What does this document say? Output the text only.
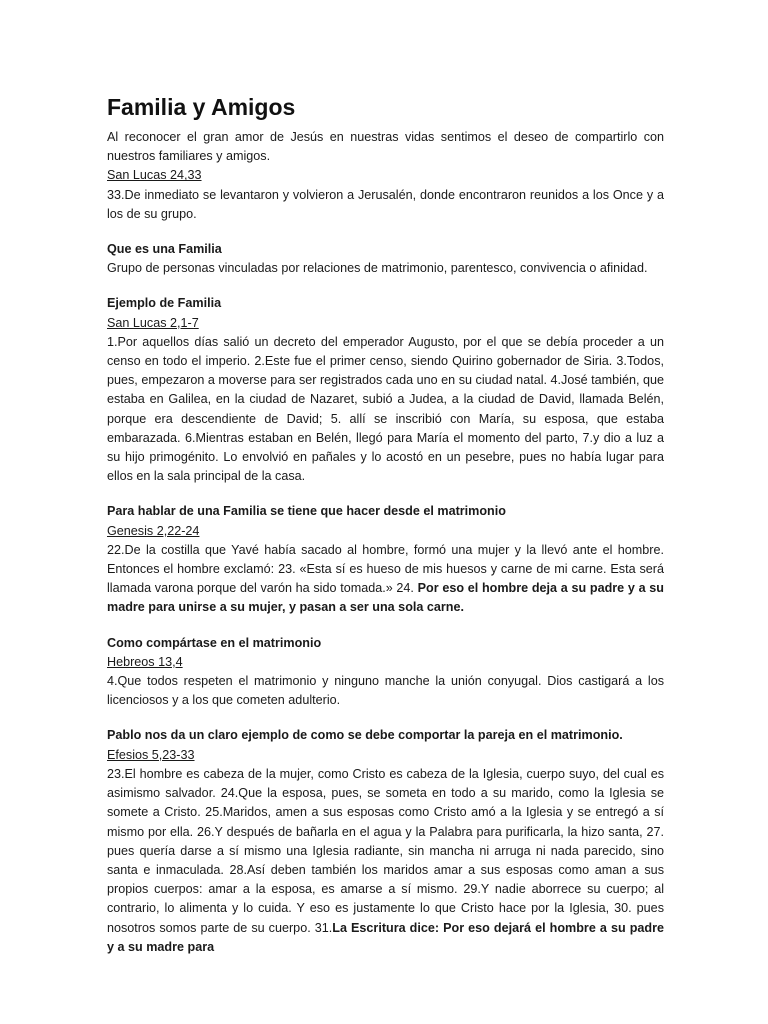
Familia y Amigos

Al reconocer el gran amor de Jesús en nuestras vidas sentimos el deseo de compartirlo con nuestros familiares y amigos.

San Lucas 24,33

33.De inmediato se levantaron y volvieron a Jerusalén, donde encontraron reunidos a los Once y a los de su grupo.

Que es una Familia

Grupo de personas vinculadas por relaciones de matrimonio, parentesco, convivencia o afinidad.

Ejemplo de Familia

San Lucas 2,1-7

1.Por aquellos días salió un decreto del emperador Augusto, por el que se debía proceder a un censo en todo el imperio. 2.Este fue el primer censo, siendo Quirino gobernador de Siria. 3.Todos, pues, empezaron a moverse para ser registrados cada uno en su ciudad natal. 4.José también, que estaba en Galilea, en la ciudad de Nazaret, subió a Judea, a la ciudad de David, llamada Belén, porque era descendiente de David; 5. allí se inscribió con María, su esposa, que estaba embarazada. 6.Mientras estaban en Belén, llegó para María el momento del parto, 7.y dio a luz a su hijo primogénito. Lo envolvió en pañales y lo acostó en un pesebre, pues no había lugar para ellos en la sala principal de la casa.

Para hablar de una Familia se tiene que hacer desde el matrimonio

Genesis 2,22-24

22.De la costilla que Yavé había sacado al hombre, formó una mujer y la llevó ante el hombre. Entonces el hombre exclamó: 23. «Esta sí es hueso de mis huesos y carne de mi carne. Esta será llamada varona porque del varón ha sido tomada.» 24. Por eso el hombre deja a su padre y a su madre para unirse a su mujer, y pasan a ser una sola carne.

Como compártase en el matrimonio

Hebreos 13,4

4.Que todos respeten el matrimonio y ninguno manche la unión conyugal. Dios castigará a los licenciosos y a los que cometen adulterio.

Pablo nos da un claro ejemplo de como se debe comportar la pareja en el matrimonio.

Efesios 5,23-33

23.El hombre es cabeza de la mujer, como Cristo es cabeza de la Iglesia, cuerpo suyo, del cual es asimismo salvador. 24.Que la esposa, pues, se someta en todo a su marido, como la Iglesia se somete a Cristo. 25.Maridos, amen a sus esposas como Cristo amó a la Iglesia y se entregó a sí mismo por ella. 26.Y después de bañarla en el agua y la Palabra para purificarla, la hizo santa, 27. pues quería darse a sí mismo una Iglesia radiante, sin mancha ni arruga ni nada parecido, sino santa e inmaculada. 28.Así deben también los maridos amar a sus esposas como aman a sus propios cuerpos: amar a la esposa, es amarse a sí mismo. 29.Y nadie aborrece su cuerpo; al contrario, lo alimenta y lo cuida. Y eso es justamente lo que Cristo hace por la Iglesia, 30. pues nosotros somos parte de su cuerpo. 31.La Escritura dice: Por eso dejará el hombre a su padre y a su madre para
